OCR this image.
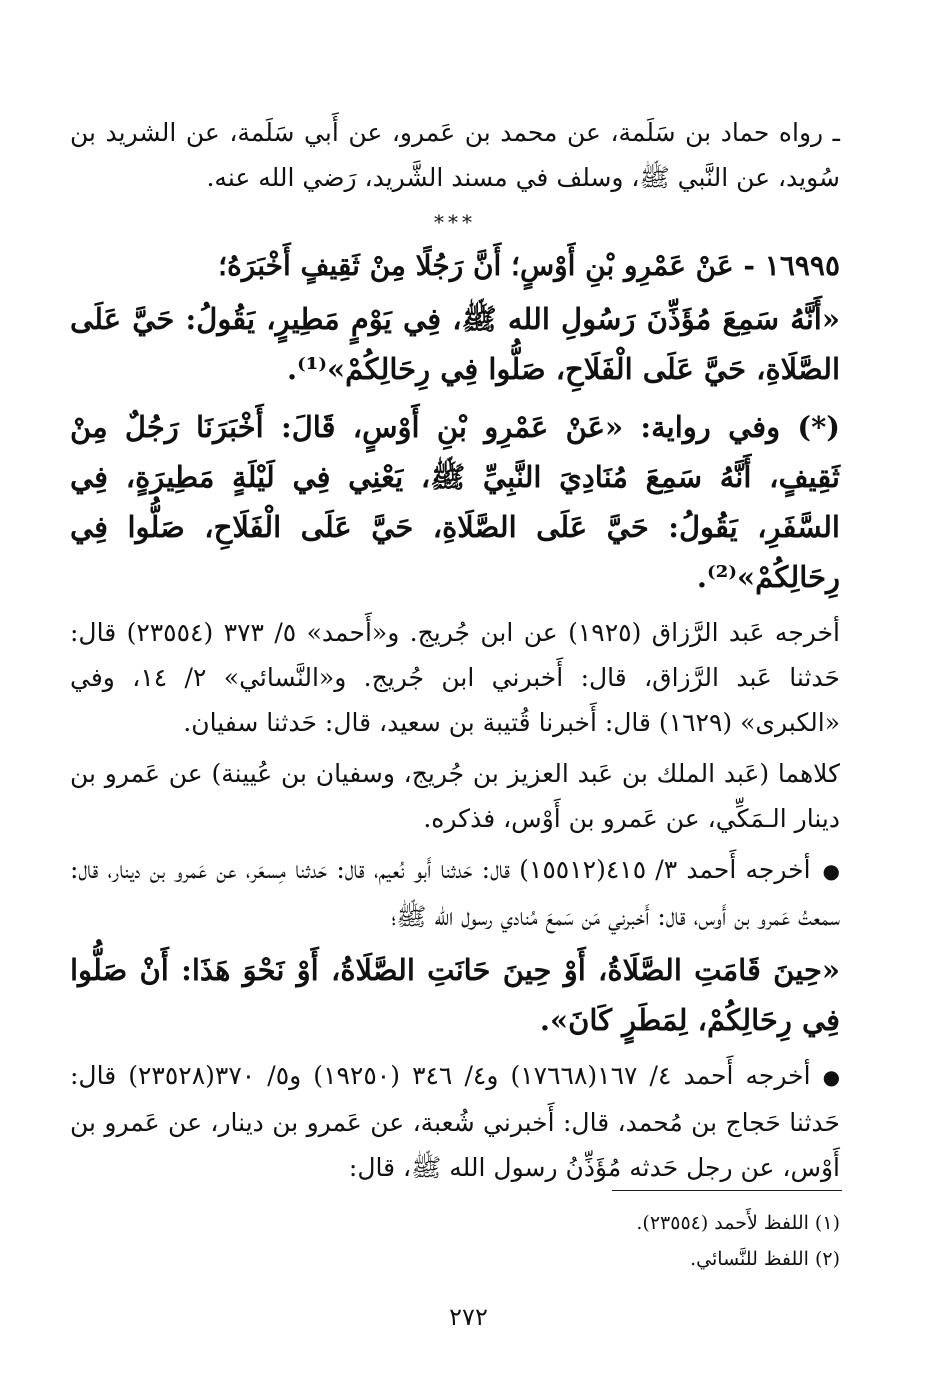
ـ رواه حماد بن سَلَمة، عن محمد بن عَمرو، عن أَبي سَلَمة، عن الشريد بن سُويد، عن النَّبي ﷺ، وسلف في مسند الشَّريد، رَضي الله عنه.

***

١٦٩٩٥ - عَنْ عَمْرِو بْنِ أَوْسٍ؛ أَنَّ رَجُلًا مِنْ ثَقِيفٍ أَخْبَرَهُ؛

«أَنَّهُ سَمِعَ مُؤَذِّنَ رَسُولِ الله ﷺ، فِي يَوْمٍ مَطِيرٍ، يَقُولُ: حَيَّ عَلَى الصَّلَاةِ، حَيَّ عَلَى الْفَلَاحِ، صَلُّوا فِي رِحَالِكُمْ»⁽¹⁾.

(*) وفي رواية: «عَنْ عَمْرِو بْنِ أَوْسٍ، قَالَ: أَخْبَرَنَا رَجُلٌ مِنْ ثَقِيفٍ، أَنَّهُ سَمِعَ مُنَادِيَ النَّبِيِّ ﷺ، يَعْنِي فِي لَيْلَةٍ مَطِيرَةٍ، فِي السَّفَرِ، يَقُولُ: حَيَّ عَلَى الصَّلَاةِ، حَيَّ عَلَى الْفَلَاحِ، صَلُّوا فِي رِحَالِكُمْ»⁽²⁾.

أخرجه عَبد الرَّزاق (١٩٢٥) عن ابن جُريج. و«أَحمد» ٥/ ٣٧٣ (٢٣٥٥٤) قال: حَدثنا عَبد الرَّزاق، قال: أَخبرني ابن جُريج. و«النَّسائي» ٢/ ١٤، وفي «الكبرى» (١٦٢٩) قال: أَخبرنا قُتيبة بن سعيد، قال: حَدثنا سفيان.

كلاهما (عَبد الملك بن عَبد العزيز بن جُريج، وسفيان بن عُيينة) عن عَمرو بن دينار الـمَكِّي، عن عَمرو بن أَوْس، فذكره.

●أخرجه أَحمد ٣/ ٤١٥(١٥٥١٢) قال: حَدثنا أَبو نُعيم، قال: حَدثنا مِسعَر، عن عَمرو بن دينار، قال: سمعتُ عَمرو بن أَوس، قال: أَخبرني مَن سَمعَ مُنادي رسول الله ﷺ؛

«حِينَ قَامَتِ الصَّلَاةُ، أَوْ حِينَ حَانَتِ الصَّلَاةُ، أَوْ نَحْوَ هَذَا: أَنْ صَلُّوا فِي رِحَالِكُمْ، لِمَطَرٍ كَانَ».

●أخرجه أَحمد ٤/ ١٦٧(١٧٦٦٨) و٤/ ٣٤٦ (١٩٢٥٠) و٥/ ٣٧٠(٢٣٥٢٨) قال: حَدثنا حَجاج بن مُحمد، قال: أَخبرني شُعبة، عن عَمرو بن دينار، عن عَمرو بن أَوْس، عن رجل حَدثه مُؤَذِّنُ رسول الله ﷺ، قال:

(١) اللفظ لأَحمد (٢٣٥٥٤).

(٢) اللفظ للنَّسائي.

٢٧٢
